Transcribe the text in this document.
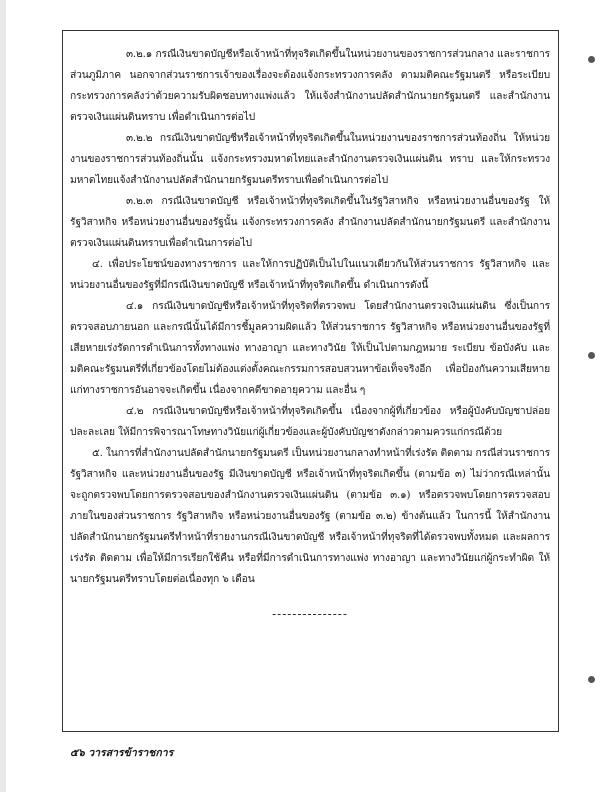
๓.๒.๑ กรณีเงินขาดบัญชีหรือเจ้าหน้าที่ทุจริตเกิดขึ้นในหน่วยงานของราชการส่วนกลาง และราชการส่วนภูมิภาค นอกจากส่วนราชการเจ้าของเรื่องจะต้องแจ้งกระทรวงการคลัง ตามมติคณะรัฐมนตรี หรือระเบียบกระทรวงการคลังว่าด้วยความรับผิดชอบทางแพ่งแล้ว ให้แจ้งสำนักงานปลัดสำนักนายกรัฐมนตรี และสำนักงานตรวจเงินแผ่นดินทราบ เพื่อดำเนินการต่อไป

๓.๒.๒ กรณีเงินขาดบัญชีหรือเจ้าหน้าที่ทุจริตเกิดขึ้นในหน่วยงานของราชการส่วนท้องถิ่น ให้หน่วยงานของราชการส่วนท้องถิ่นนั้น แจ้งกระทรวงมหาดไทยและสำนักงานตรวจเงินแผ่นดิน ทราบ และให้กระทรวงมหาดไทยแจ้งสำนักงานปลัดสำนักนายกรัฐมนตรีทราบเพื่อดำเนินการต่อไป

๓.๒.๓ กรณีเงินขาดบัญชี หรือเจ้าหน้าที่ทุจริตเกิดขึ้นในรัฐวิสาหกิจ หรือหน่วยงานอื่นของรัฐ ให้รัฐวิสาหกิจ หรือหน่วยงานอื่นของรัฐนั้น แจ้งกระทรวงการคลัง สำนักงานปลัดสำนักนายกรัฐมนตรี และสำนักงานตรวจเงินแผ่นดินทราบเพื่อดำเนินการต่อไป

๔. เพื่อประโยชน์ของทางราชการ และให้การปฏิบัติเป็นไปในแนวเดียวกันให้ส่วนราชการ รัฐวิสาหกิจ และหน่วยงานอื่นของรัฐที่มีกรณีเงินขาดบัญชี หรือเจ้าหน้าที่ทุจริตเกิดขึ้น ดำเนินการดังนี้

๔.๑ กรณีเงินขาดบัญชีหรือเจ้าหน้าที่ทุจริตที่ตรวจพบ โดยสำนักงานตรวจเงินแผ่นดิน ซึ่งเป็นการตรวจสอบภายนอก และกรณีนั้นได้มีการชี้มูลความผิดแล้ว ให้ส่วนราชการ รัฐวิสาหกิจ หรือหน่วยงานอื่นของรัฐที่เสียหายเร่งรัดการดำเนินการทั้งทางแพ่ง ทางอาญา และทางวินัย ให้เป็นไปตามกฎหมาย ระเบียบ ข้อบังคับ และมติคณะรัฐมนตรีที่เกี่ยวข้องโดยไม่ต้องแต่งตั้งคณะกรรมการสอบสวนหาข้อเท็จจริงอีก เพื่อป้องกันความเสียหายแก่ทางราชการอันอาจจะเกิดขึ้น เนื่องจากคดีขาดอายุความ และอื่น ๆ

๔.๒ กรณีเงินขาดบัญชีหรือเจ้าหน้าที่ทุจริตเกิดขึ้น เนื่องจากผู้ที่เกี่ยวข้อง หรือผู้บังคับบัญชาปล่อยปละละเลย ให้มีการพิจารณาโทษทางวินัยแก่ผู้เกี่ยวข้องและผู้บังคับบัญชาดังกล่าวตามควรแก่กรณีด้วย

๕. ในการที่สำนักงานปลัดสำนักนายกรัฐมนตรี เป็นหน่วยงานกลางทำหน้าที่เร่งรัด ติดตาม กรณีส่วนราชการ รัฐวิสาหกิจ และหน่วยงานอื่นของรัฐ มีเงินขาดบัญชี หรือเจ้าหน้าที่ทุจริตเกิดขึ้น (ตามข้อ ๓) ไม่ว่ากรณีเหล่านั้นจะถูกตรวจพบโดยการตรวจสอบของสำนักงานตรวจเงินแผ่นดิน (ตามข้อ ๓.๑) หรือตรวจพบโดยการตรวจสอบภายในของส่วนราชการ รัฐวิสาหกิจ หรือหน่วยงานอื่นของรัฐ (ตามข้อ ๓.๒) ข้างต้นแล้ว ในการนี้ ให้สำนักงานปลัดสำนักนายกรัฐมนตรีทำหน้าที่รายงานกรณีเงินขาดบัญชี หรือเจ้าหน้าที่ทุจริตที่ได้ตรวจพบทั้งหมด และผลการเร่งรัด ติดตาม เพื่อให้มีการเรียกใช้คืน หรือที่มีการดำเนินการทางแพ่ง ทางอาญา และทางวินัยแก่ผู้กระทำผิด ให้นายกรัฐมนตรีทราบโดยต่อเนื่องทุก ๖ เดือน

---------------
๕๖ วารสารข้าราชการ
